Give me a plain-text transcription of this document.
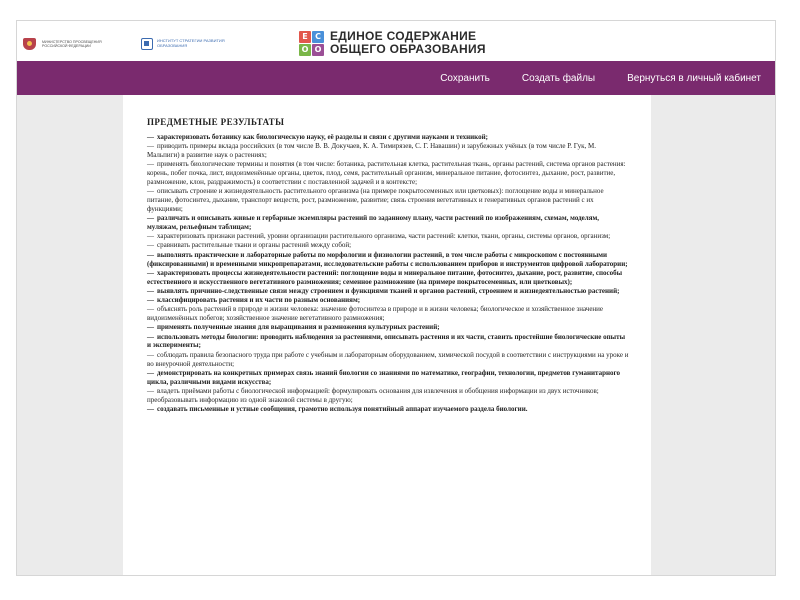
МИНИСТЕРСТВО ПРОСВЕЩЕНИЯ РОССИЙСКОЙ ФЕДЕРАЦИИ
ИНСТИТУТ СТРАТЕГИИ РАЗВИТИЯ ОБРАЗОВАНИЯ
Е С
О О
ЕДИНОЕ СОДЕРЖАНИЕ
ОБЩЕГО ОБРАЗОВАНИЯ
Сохранить	Создать файлы	Вернуться в личный кабинет
ПРЕДМЕТНЫЕ РЕЗУЛЬТАТЫ
— характеризовать ботанику как биологическую науку, её разделы и связи с другими науками и техникой;
— приводить примеры вклада российских (в том числе В. В. Докучаев, К. А. Тимирязев, С. Г. Навашин) и зарубежных учёных (в том числе Р. Гук, М. Мальпиги) в развитие наук о растениях;
— применять биологические термины и понятия (в том числе: ботаника, растительная клетка, растительная ткань, органы растений, система органов растения: корень, побег почка, лист, видоизменённые органы, цветок, плод, семя, растительный организм, минеральное питание, фотосинтез, дыхание, рост, развитие, размножение, клон, раздражимость) в соответствии с поставленной задачей и в контексте;
— описывать строение и жизнедеятельность растительного организма (на примере покрытосеменных или цветковых): поглощение воды и минеральное питание, фотосинтез, дыхание, транспорт веществ, рост, размножение, развитие; связь строения вегетативных и генеративных органов растений с их функциями;
— различать и описывать живые и гербарные экземпляры растений по заданному плану, части растений по изображениям, схемам, моделям, муляжам, рельефным таблицам;
— характеризовать признаки растений, уровни организации растительного организма, части растений: клетки, ткани, органы, системы органов, организм;
— сравнивать растительные ткани и органы растений между собой;
— выполнять практические и лабораторные работы по морфологии и физиологии растений, в том числе работы с микроскопом с постоянными (фиксированными) и временными микропрепаратами, исследовательские работы с использованием приборов и инструментов цифровой лаборатории;
— характеризовать процессы жизнедеятельности растений: поглощение воды и минеральное питание, фотосинтез, дыхание, рост, развитие, способы естественного и искусственного вегетативного размножения; семенное размножение (на примере покрытосеменных, или цветковых);
— выявлять причинно-следственные связи между строением и функциями тканей и органов растений, строением и жизнедеятельностью растений;
— классифицировать растения и их части по разным основаниям;
— объяснять роль растений в природе и жизни человека: значение фотосинтеза в природе и в жизни человека; биологическое и хозяйственное значение видоизменённых побегов; хозяйственное значение вегетативного размножения;
— применять полученные знания для выращивания и размножения культурных растений;
— использовать методы биологии: проводить наблюдения за растениями, описывать растения и их части, ставить простейшие биологические опыты и эксперименты;
— соблюдать правила безопасного труда при работе с учебным и лабораторным оборудованием, химической посудой в соответствии с инструкциями на уроке и во внеурочной деятельности;
— демонстрировать на конкретных примерах связь знаний биологии со знаниями по математике, географии, технологии, предметов гуманитарного цикла, различными видами искусства;
— владеть приёмами работы с биологической информацией: формулировать основания для извлечения и обобщения информации из двух источников; преобразовывать информацию из одной знаковой системы в другую;
— создавать письменные и устные сообщения, грамотно используя понятийный аппарат изучаемого раздела биологии.
